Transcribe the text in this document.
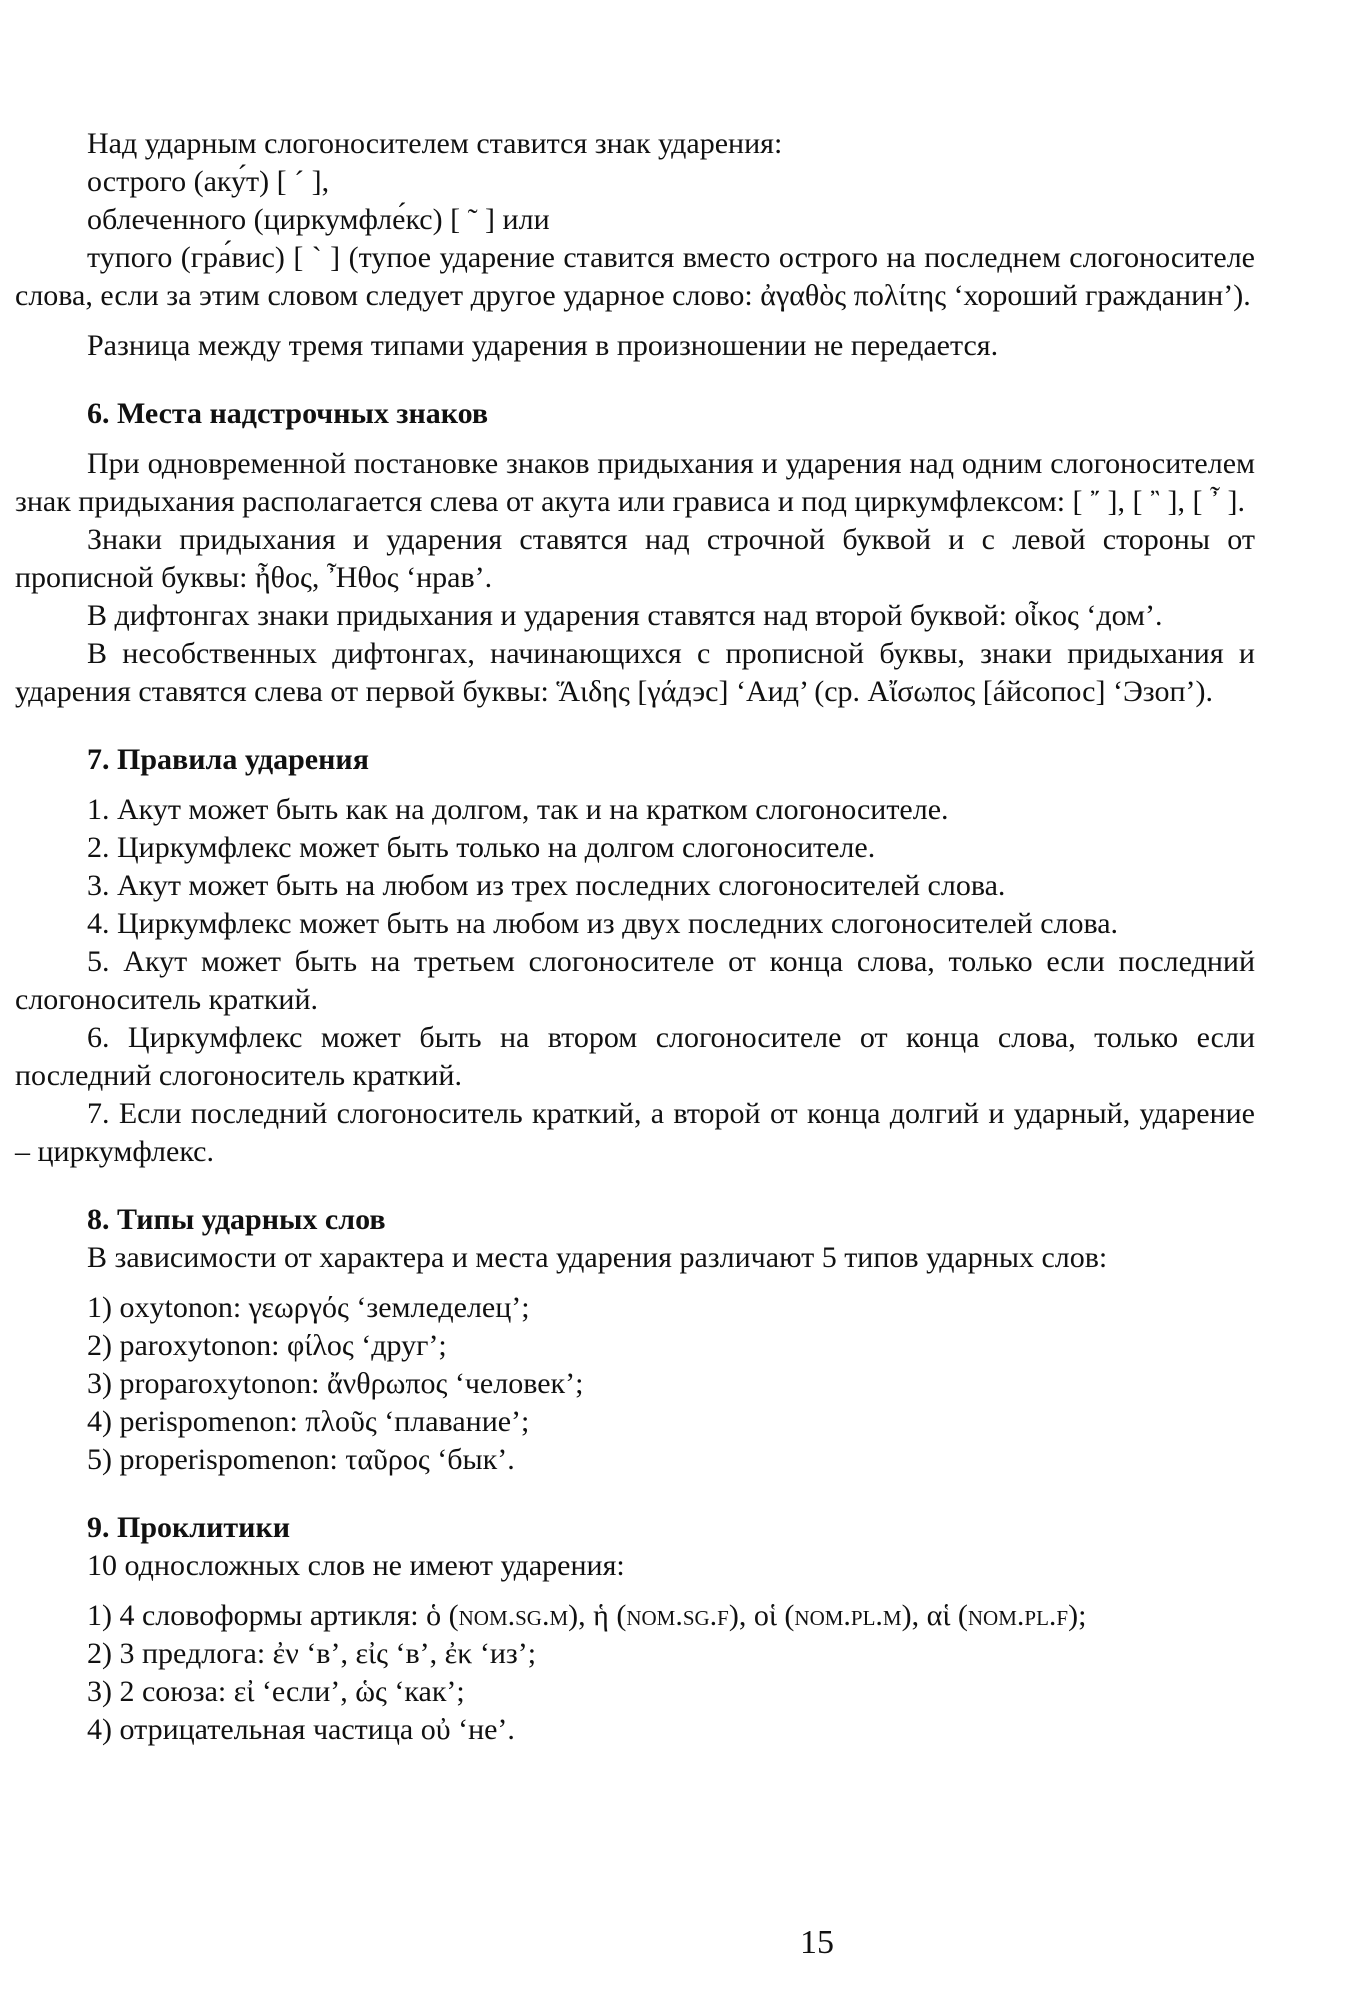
Над ударным слогоносителем ставится знак ударения:

острого (аку́т) [ ´ ],

облеченного (циркумфле́кс) [ ˜ ] или

тупого (гра́вис) [ ` ] (тупое ударение ставится вместо острого на последнем слогоносителе слова, если за этим словом следует другое ударное слово: ἀγαθὸς πολίτης ‘хороший гражданин’).

Разница между тремя типами ударения в произношении не передается.

6. Места надстрочных знаков

При одновременной постановке знаков придыхания и ударения над одним слогоносителем знак придыхания располагается слева от акута или грависа и под циркумфлексом: [ ῎ ], [ ῍ ], [ ῏ ].

Знаки придыхания и ударения ставятся над строчной буквой и с левой стороны от прописной буквы: ἦθος, Ἦθος ‘нрав’.

В дифтонгах знаки придыхания и ударения ставятся над второй буквой: οἶκος ‘дом’.

В несобственных дифтонгах, начинающихся с прописной буквы, знаки придыхания и ударения ставятся слева от первой буквы: Ἅιδης [γάдэс] ‘Аид’ (ср. Αἴσωπος [áйсопос] ‘Эзоп’).

7. Правила ударения

1. Акут может быть как на долгом, так и на кратком слогоносителе.

2. Циркумфлекс может быть только на долгом слогоносителе.

3. Акут может быть на любом из трех последних слогоносителей слова.

4. Циркумфлекс может быть на любом из двух последних слогоносителей слова.

5. Акут может быть на третьем слогоносителе от конца слова, только если последний слогоноситель краткий.

6. Циркумфлекс может быть на втором слогоносителе от конца слова, только если последний слогоноситель краткий.

7. Если последний слогоноситель краткий, а второй от конца долгий и ударный, ударение – циркумфлекс.

8. Типы ударных слов

В зависимости от характера и места ударения различают 5 типов ударных слов:

1) oxytonon: γεωργός ‘земледелец’;

2) paroxytonon: φίλος ‘друг’;

3) proparoxytonon: ἄνθρωπος ‘человек’;

4) perispomenon: πλοῦς ‘плавание’;

5) properispomenon: ταῦρος ‘бык’.

9. Проклитики

10 односложных слов не имеют ударения:

1) 4 словоформы артикля: ὁ (nom.sg.m), ἡ (nom.sg.f), οἱ (nom.pl.m), αἱ (nom.pl.f);

2) 3 предлога: ἐν ‘в’, εἰς ‘в’, ἐκ ‘из’;

3) 2 союза: εἰ ‘если’, ὡς ‘как’;

4) отрицательная частица οὐ ‘не’.

15
